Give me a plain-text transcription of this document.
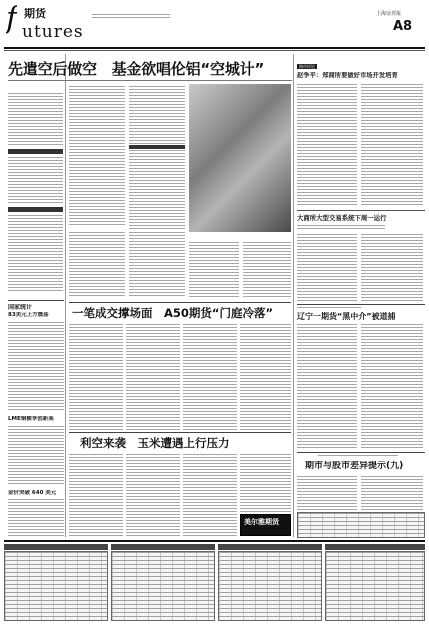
f 期货
utures
上海证券报
A8
先遣空后做空　基金欲唱伦铝“空城计”	期市评论
赵争平：郑商所要做好市场开发培育
大商所大型交易系统下周一运行
国家统计
83美元上方震荡
LME铜横享创新高
金价突破 640 美元
一笔成交撑场面　A50期货“门庭冷落”
利空来袭　玉米遭遇上行压力
美尔雅期货
辽宁一期货“黑中介”被道捕
期市与股市差异提示(九)
